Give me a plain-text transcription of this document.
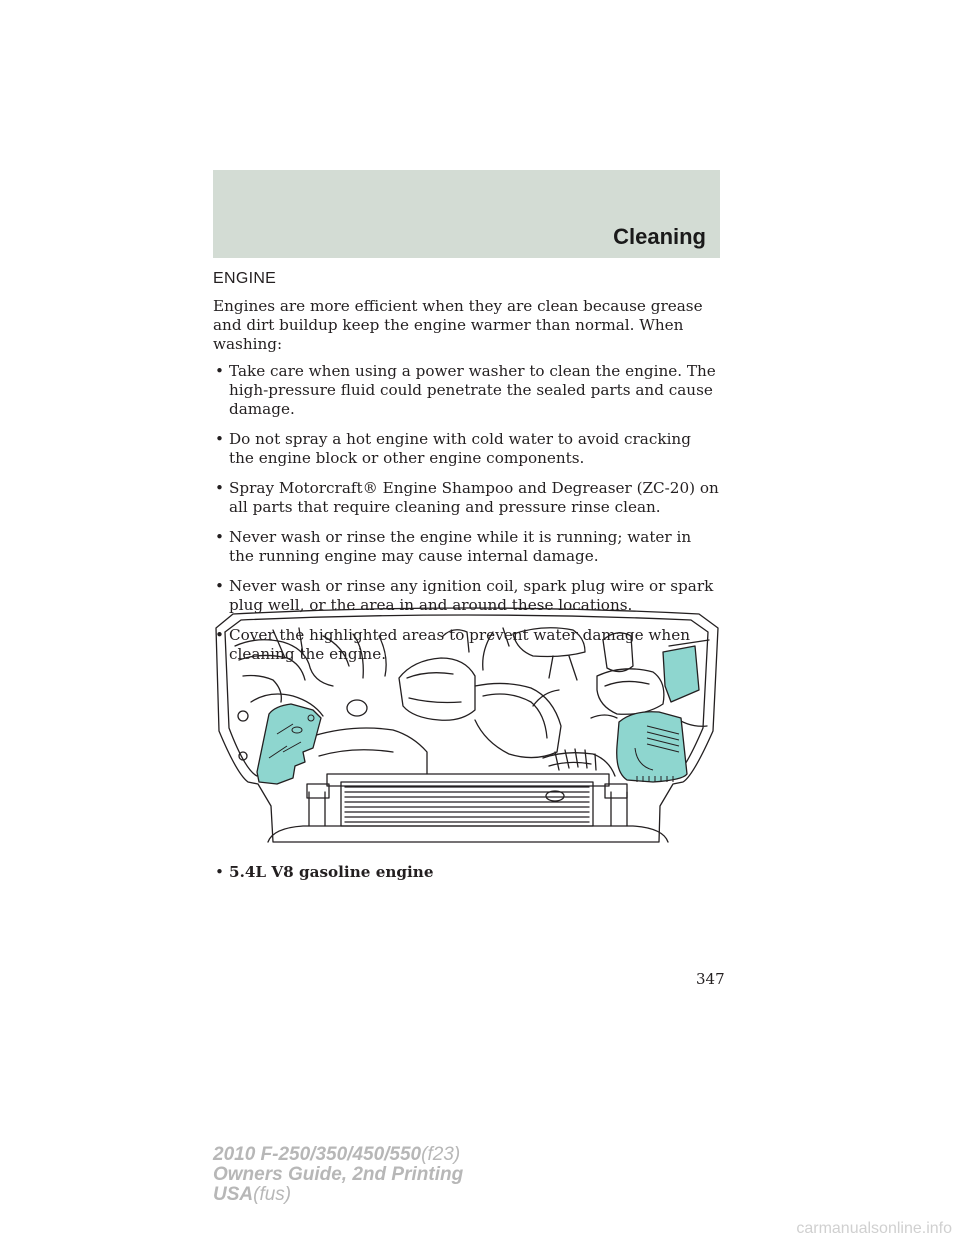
Cleaning
ENGINE

Engines are more efficient when they are clean because grease and dirt buildup keep the engine warmer than normal. When washing:

• Take care when using a power washer to clean the engine. The high-pressure fluid could penetrate the sealed parts and cause damage.
• Do not spray a hot engine with cold water to avoid cracking the engine block or other engine components.
• Spray Motorcraft® Engine Shampoo and Degreaser (ZC-20) on all parts that require cleaning and pressure rinse clean.
• Never wash or rinse the engine while it is running; water in the running engine may cause internal damage.
• Never wash or rinse any ignition coil, spark plug wire or spark plug well, or the area in and around these locations.
• Cover the highlighted areas to prevent water damage when cleaning the engine.
• 5.4L V8 gasoline engine
347
2010 F-250/350/450/550(f23)
Owners Guide, 2nd Printing
USA(fus)
carmanualsonline.info
